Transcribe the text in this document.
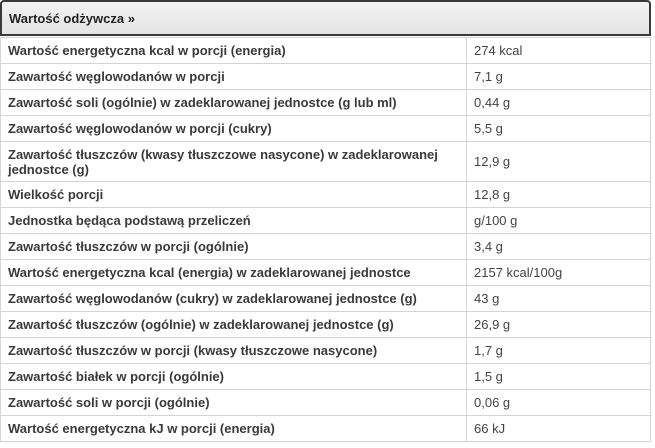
Wartość odżywcza »
Wartość energetyczna kcal w porcji (energia)	274 kcal
Zawartość węglowodanów w porcji	7,1 g
Zawartość soli (ogólnie) w zadeklarowanej jednostce (g lub ml)	0,44 g
Zawartość węglowodanów w porcji (cukry)	5,5 g
Zawartość tłuszczów (kwasy tłuszczowe nasycone) w zadeklarowanej jednostce (g)	12,9 g
Wielkość porcji	12,8 g
Jednostka będąca podstawą przeliczeń	g/100 g
Zawartość tłuszczów w porcji (ogólnie)	3,4 g
Wartość energetyczna kcal (energia) w zadeklarowanej jednostce	2157 kcal/100g
Zawartość węglowodanów (cukry) w zadeklarowanej jednostce (g)	43 g
Zawartość tłuszczów (ogólnie) w zadeklarowanej jednostce (g)	26,9 g
Zawartość tłuszczów w porcji (kwasy tłuszczowe nasycone)	1,7 g
Zawartość białek w porcji (ogólnie)	1,5 g
Zawartość soli w porcji (ogólnie)	0,06 g
Wartość energetyczna kJ w porcji (energia)	66 kJ
